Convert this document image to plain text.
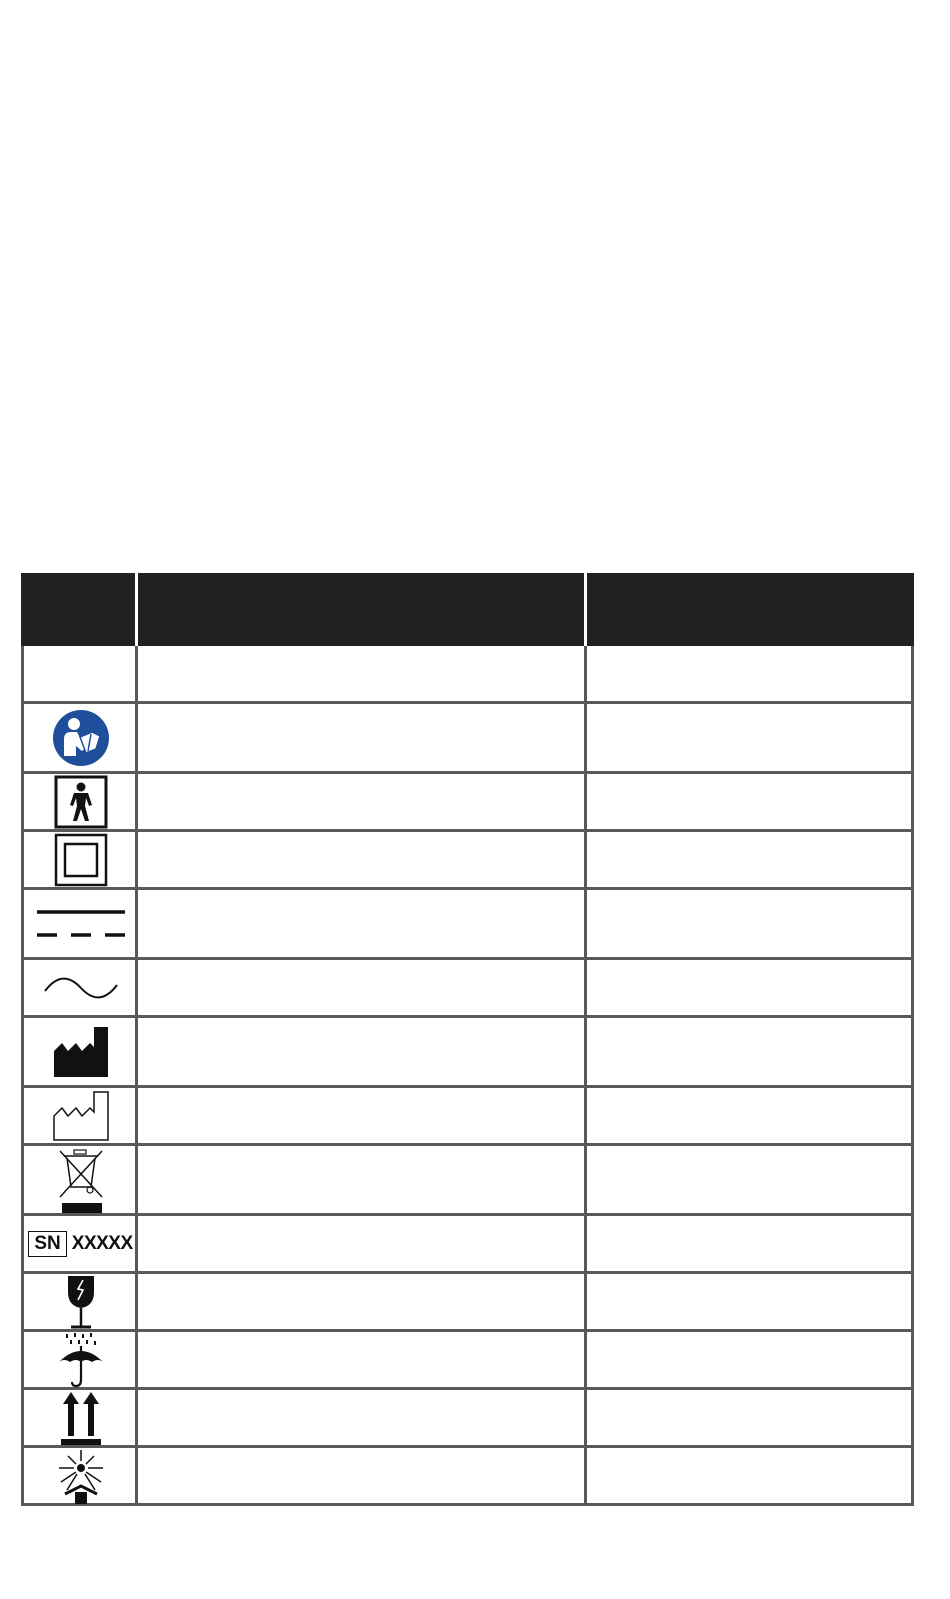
SN XXXXX
